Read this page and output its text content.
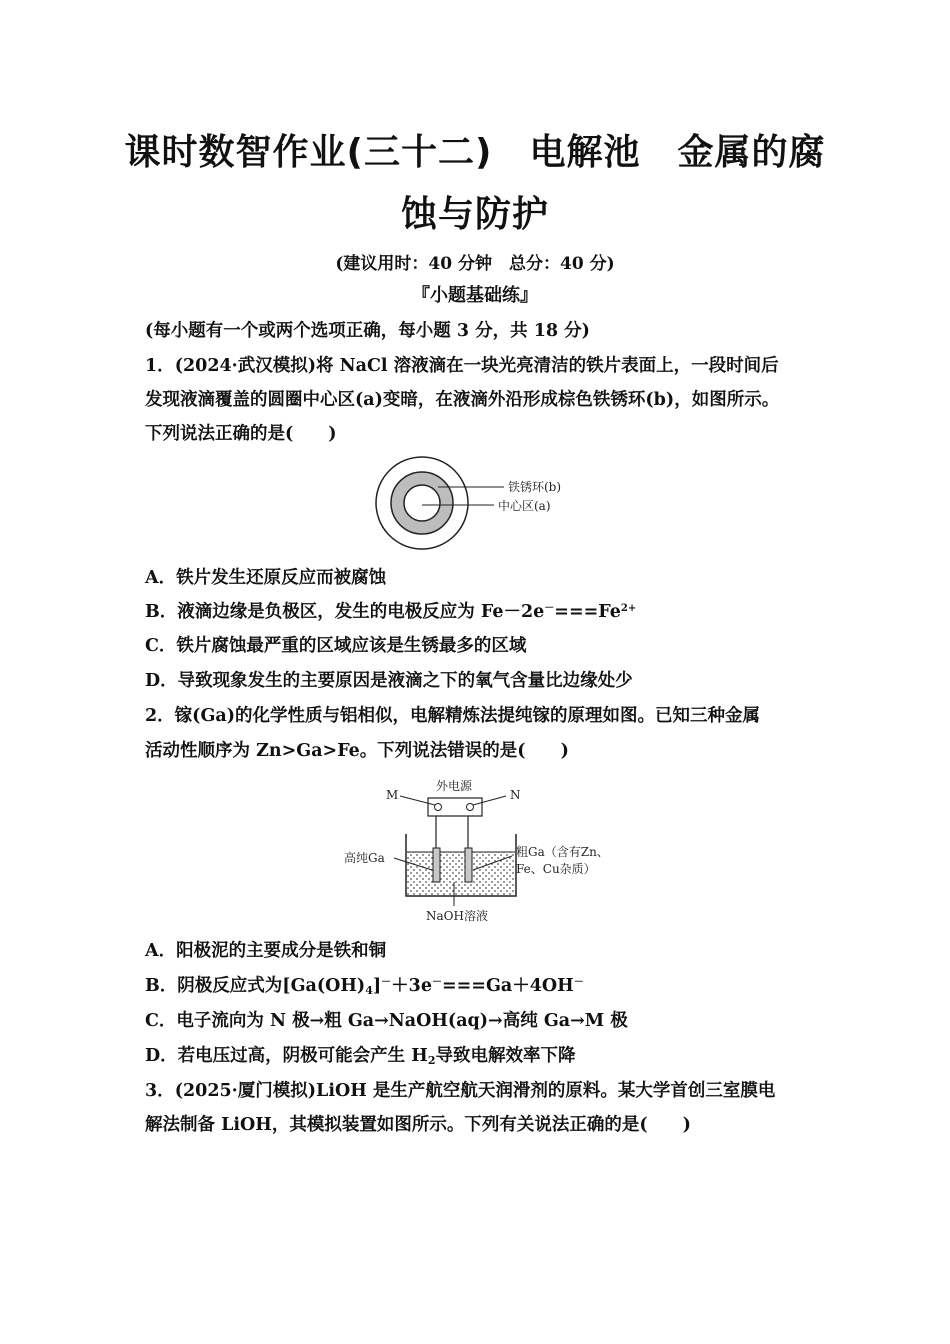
课时数智作业(三十二)　电解池　金属的腐
蚀与防护
(建议用时：40 分钟　总分：40 分)
『小题基础练』
(每小题有一个或两个选项正确，每小题 3 分，共 18 分)
1．(2024·武汉模拟)将 NaCl 溶液滴在一块光亮清洁的铁片表面上，一段时间后
发现液滴覆盖的圆圈中心区(a)变暗，在液滴外沿形成棕色铁锈环(b)，如图所示。
下列说法正确的是(　　)
铁锈环(b)
中心区(a)
A．铁片发生还原反应而被腐蚀
B．液滴边缘是负极区，发生的电极反应为 $Fe-2e^-===Fe^{2+}$
C．铁片腐蚀最严重的区域应该是生锈最多的区域
D．导致现象发生的主要原因是液滴之下的氧气含量比边缘处少
2．镓(Ga)的化学性质与铝相似，电解精炼法提纯镓的原理如图。已知三种金属
活动性顺序为 Zn>Ga>Fe。下列说法错误的是(　　)
外电源
M	N
高纯Ga	粗Ga（含有Zn、
Fe、Cu杂质）
NaOH溶液
A．阳极泥的主要成分是铁和铜
B．阴极反应式为$[Ga(OH)_4]^-+3e^-===Ga+4OH^-$
C．电子流向为 N 极→粗 Ga→NaOH(aq)→高纯 Ga→M 极
D．若电压过高，阴极可能会产生 $H_2$导致电解效率下降
3．(2025·厦门模拟)LiOH 是生产航空航天润滑剂的原料。某大学首创三室膜电
解法制备 LiOH，其模拟装置如图所示。下列有关说法正确的是(　　)
